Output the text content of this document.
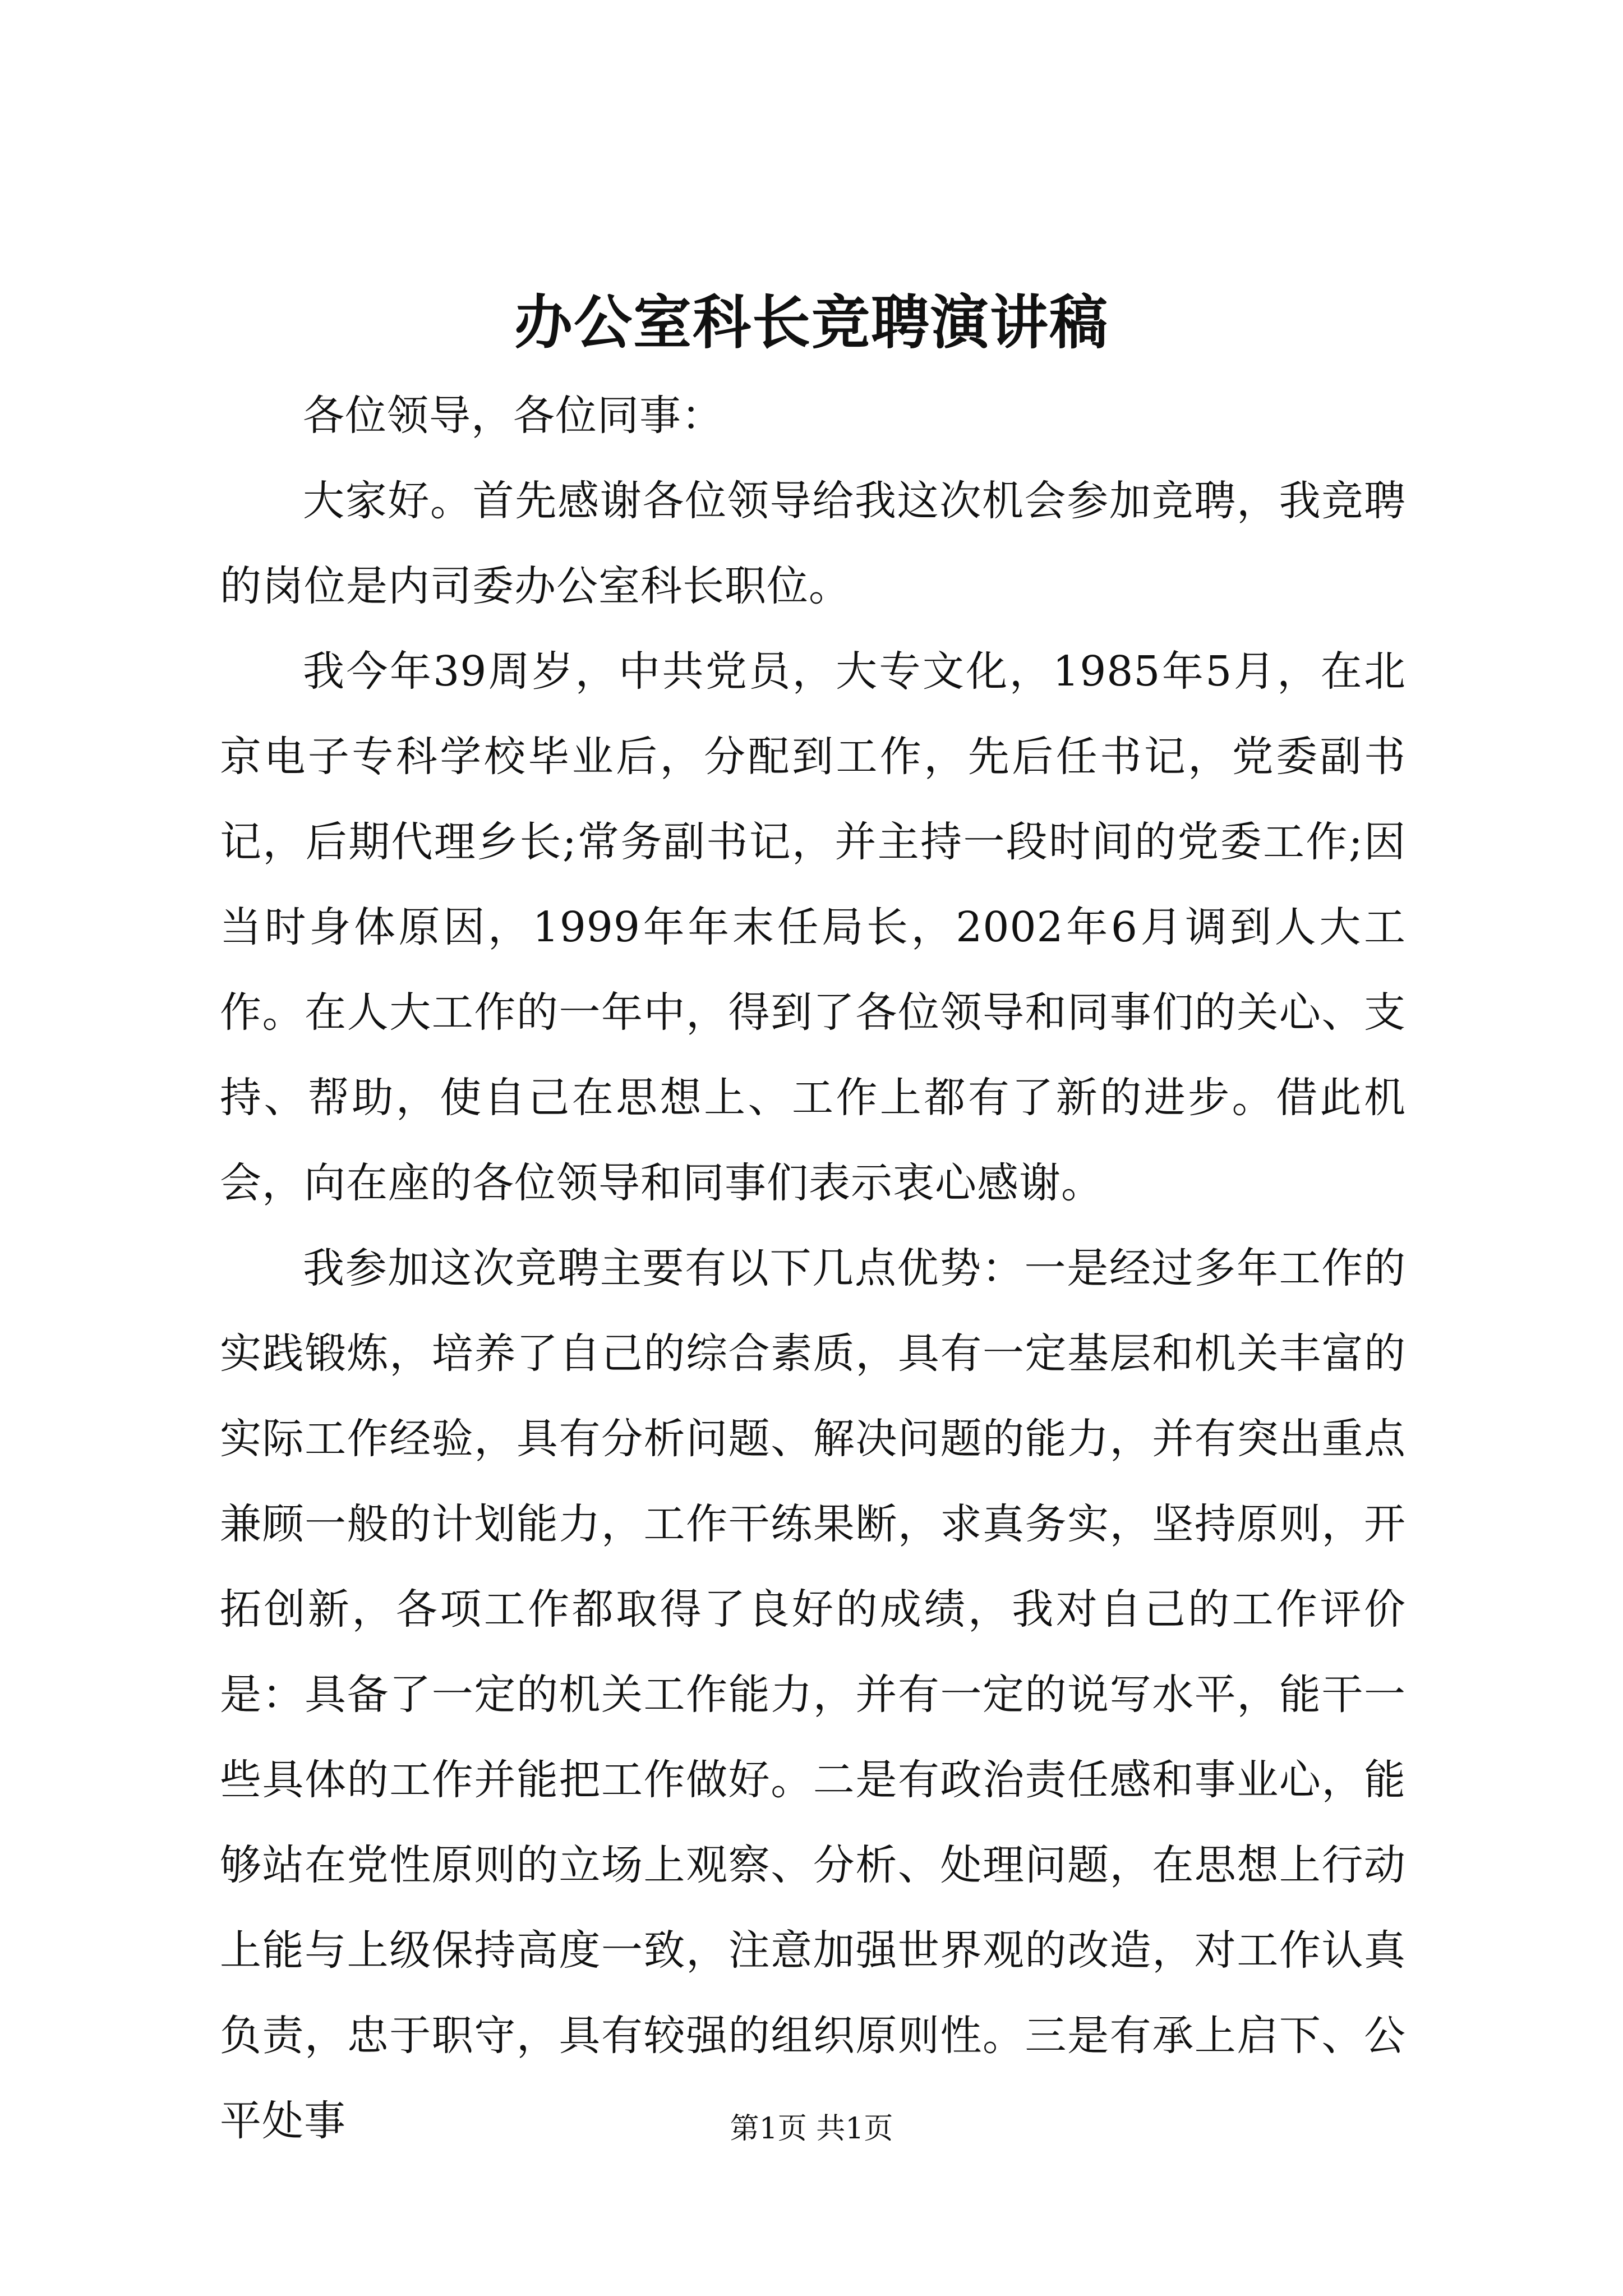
办公室科长竞聘演讲稿

各位领导，各位同事：

大家好。首先感谢各位领导给我这次机会参加竞聘，我竞聘的岗位是内司委办公室科长职位。

我今年39周岁，中共党员，大专文化，1985年5月，在北京电子专科学校毕业后，分配到工作，先后任书记，党委副书记，后期代理乡长;常务副书记，并主持一段时间的党委工作;因当时身体原因，1999年年末任局长，2002年6月调到人大工作。在人大工作的一年中，得到了各位领导和同事们的关心、支持、帮助，使自己在思想上、工作上都有了新的进步。借此机会，向在座的各位领导和同事们表示衷心感谢。

我参加这次竞聘主要有以下几点优势：一是经过多年工作的实践锻炼，培养了自己的综合素质，具有一定基层和机关丰富的实际工作经验，具有分析问题、解决问题的能力，并有突出重点兼顾一般的计划能力，工作干练果断，求真务实，坚持原则，开拓创新，各项工作都取得了良好的成绩，我对自己的工作评价是：具备了一定的机关工作能力，并有一定的说写水平，能干一些具体的工作并能把工作做好。二是有政治责任感和事业心，能够站在党性原则的立场上观察、分析、处理问题，在思想上行动上能与上级保持高度一致，注意加强世界观的改造，对工作认真负责，忠于职守，具有较强的组织原则性。三是有承上启下、公平处事	第1页 共1页
